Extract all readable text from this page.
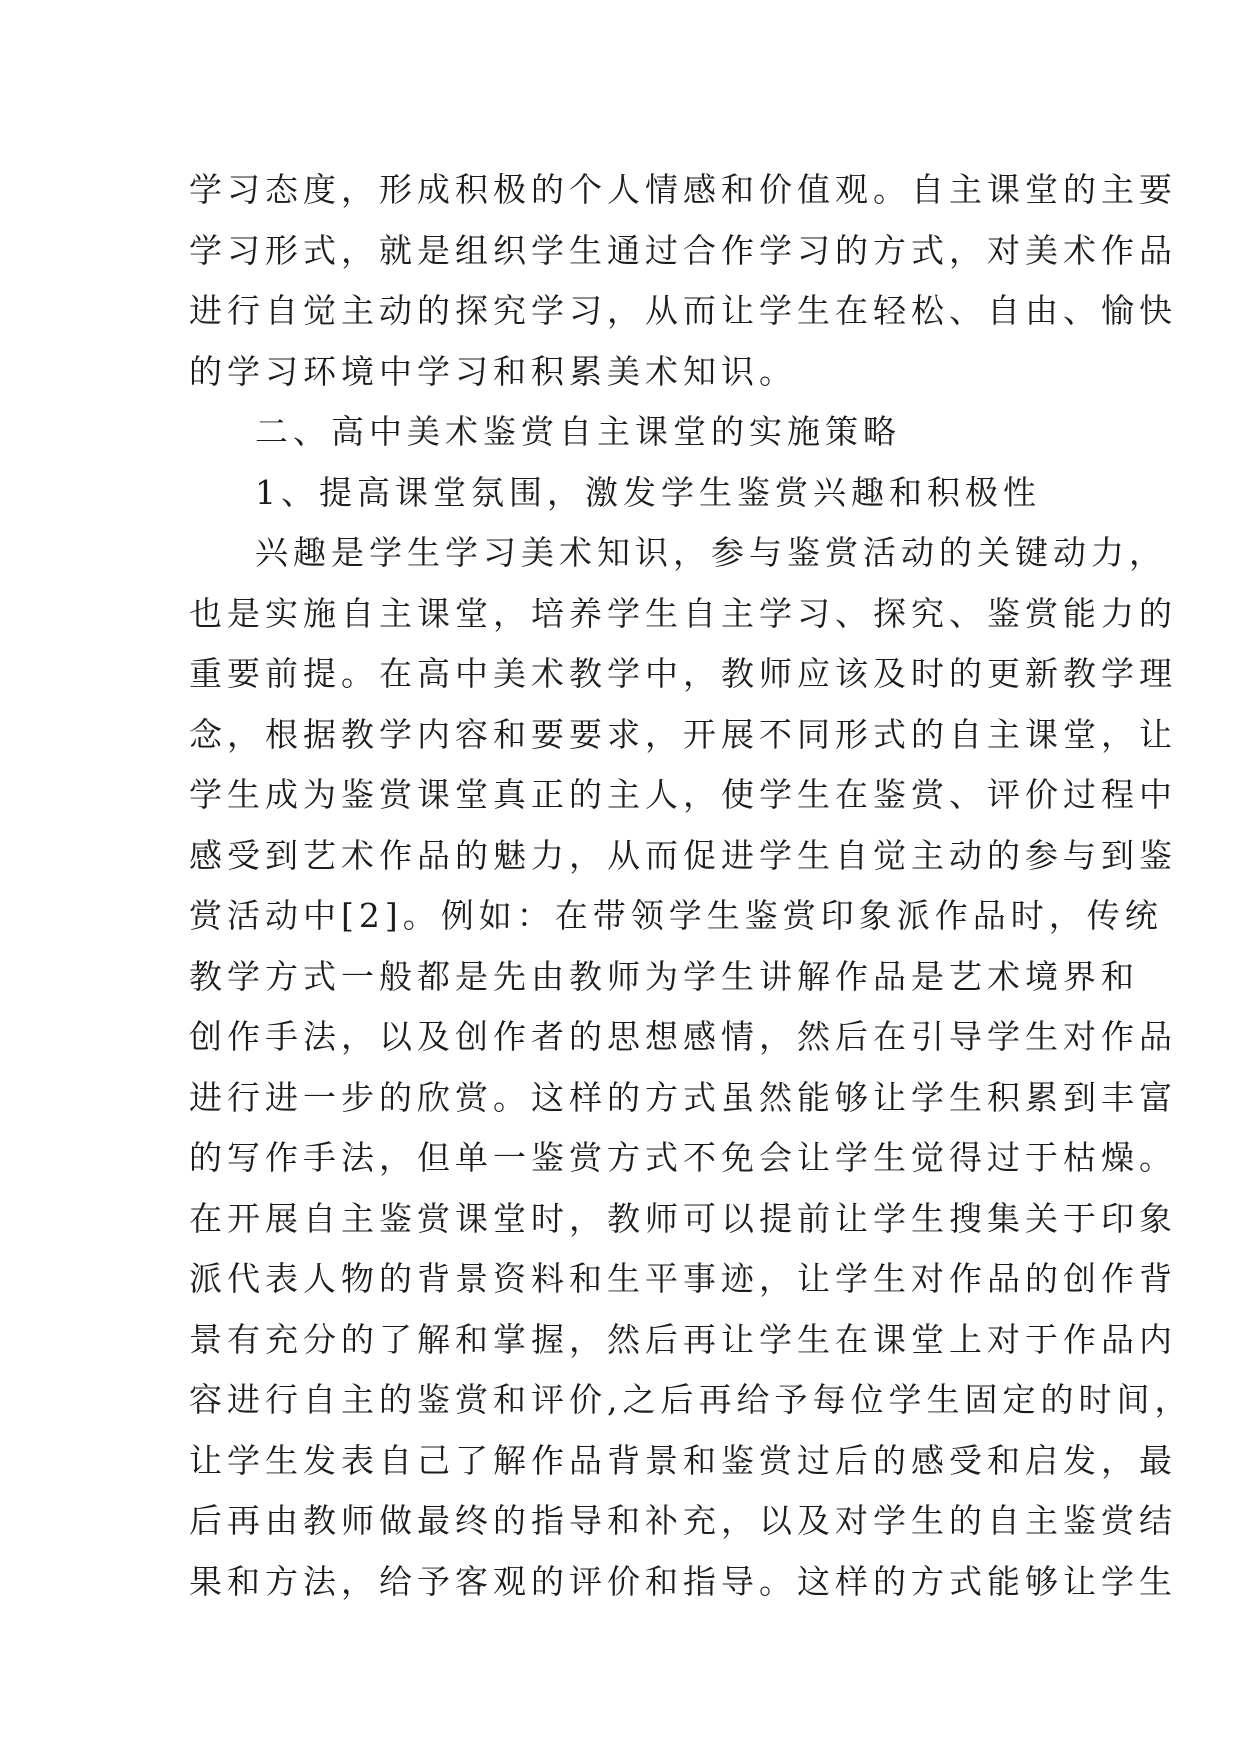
学习态度，形成积极的个人情感和价值观。自主课堂的主要
学习形式，就是组织学生通过合作学习的方式，对美术作品
进行自觉主动的探究学习，从而让学生在轻松、自由、愉快
的学习环境中学习和积累美术知识。
二、高中美术鉴赏自主课堂的实施策略
1、提高课堂氛围，激发学生鉴赏兴趣和积极性
兴趣是学生学习美术知识，参与鉴赏活动的关键动力，
也是实施自主课堂，培养学生自主学习、探究、鉴赏能力的
重要前提。在高中美术教学中，教师应该及时的更新教学理
念，根据教学内容和要要求，开展不同形式的自主课堂，让
学生成为鉴赏课堂真正的主人，使学生在鉴赏、评价过程中
感受到艺术作品的魅力，从而促进学生自觉主动的参与到鉴
赏活动中[2]。例如：在带领学生鉴赏印象派作品时，传统
教学方式一般都是先由教师为学生讲解作品是艺术境界和
创作手法，以及创作者的思想感情，然后在引导学生对作品
进行进一步的欣赏。这样的方式虽然能够让学生积累到丰富
的写作手法，但单一鉴赏方式不免会让学生觉得过于枯燥。
在开展自主鉴赏课堂时，教师可以提前让学生搜集关于印象
派代表人物的背景资料和生平事迹，让学生对作品的创作背
景有充分的了解和掌握，然后再让学生在课堂上对于作品内
容进行自主的鉴赏和评价,之后再给予每位学生固定的时间，
让学生发表自己了解作品背景和鉴赏过后的感受和启发，最
后再由教师做最终的指导和补充，以及对学生的自主鉴赏结
果和方法，给予客观的评价和指导。这样的方式能够让学生
